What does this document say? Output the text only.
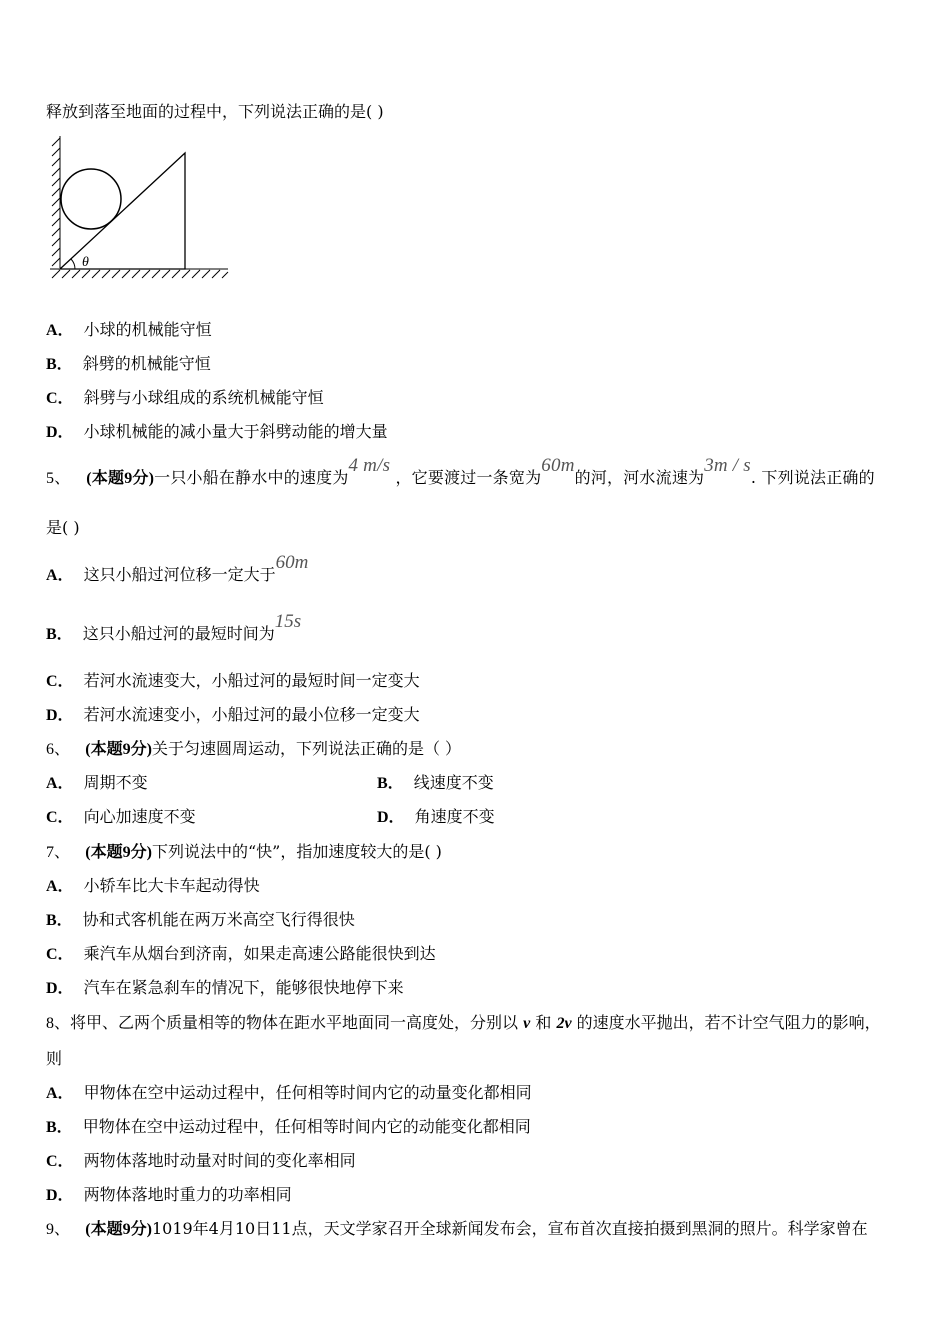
释放到落至地面的过程中，下列说法正确的是( )
θ
A． 小球的机械能守恒
B． 斜劈的机械能守恒
C． 斜劈与小球组成的系统机械能守恒
D． 小球机械能的减小量大于斜劈动能的增大量
5、 (本题9分)一只小船在静水中的速度为4 m/s ，它要渡过一条宽为60m的河，河水流速为3m / s. 下列说法正确的
是( )
A． 这只小船过河位移一定大于60m
B． 这只小船过河的最短时间为15s
C． 若河水流速变大，小船过河的最短时间一定变大
D． 若河水流速变小，小船过河的最小位移一定变大
6、 (本题9分)关于匀速圆周运动，下列说法正确的是（ ）
A． 周期不变	B． 线速度不变
C． 向心加速度不变	D． 角速度不变
7、 (本题9分)下列说法中的“快”，指加速度较大的是( )
A． 小轿车比大卡车起动得快
B． 协和式客机能在两万米高空飞行得很快
C． 乘汽车从烟台到济南，如果走高速公路能很快到达
D． 汽车在紧急刹车的情况下，能够很快地停下来
8、将甲、乙两个质量相等的物体在距水平地面同一高度处，分别以 v 和 2v 的速度水平抛出，若不计空气阻力的影响，
则
A． 甲物体在空中运动过程中，任何相等时间内它的动量变化都相同
B． 甲物体在空中运动过程中，任何相等时间内它的动能变化都相同
C． 两物体落地时动量对时间的变化率相同
D． 两物体落地时重力的功率相同
9、 (本题9分)1019年4月10日11点，天文学家召开全球新闻发布会，宣布首次直接拍摄到黑洞的照片。科学家曾在
